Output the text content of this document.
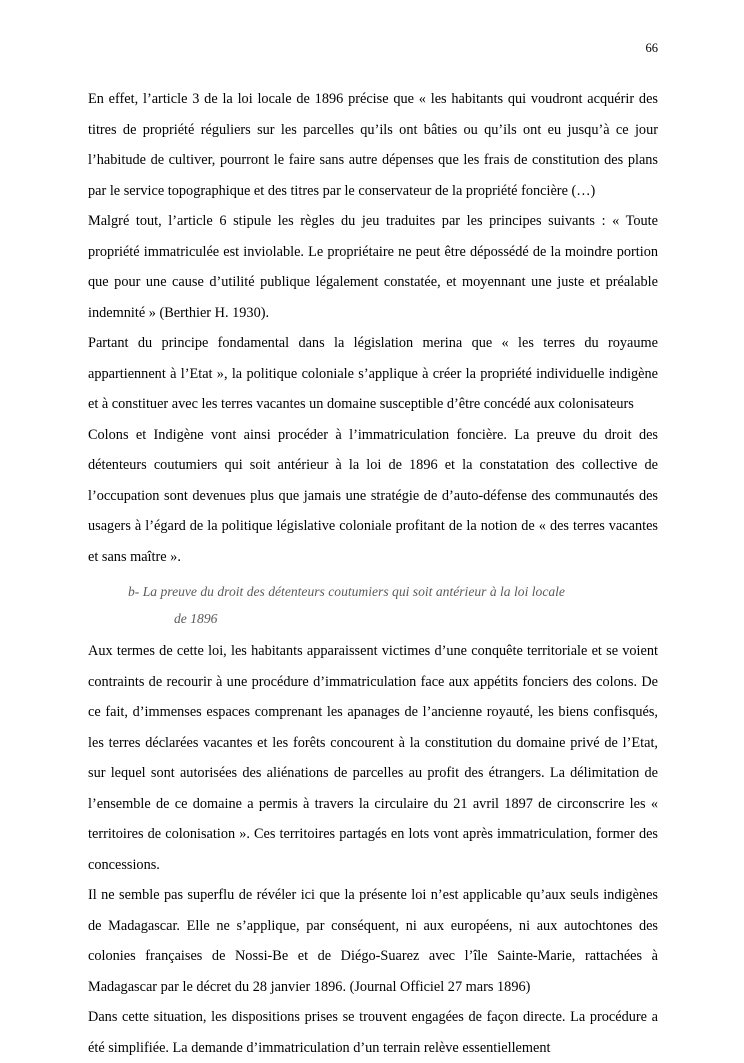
66

En effet, l’article 3 de la loi locale de 1896 précise que « les habitants qui voudront acquérir des titres de propriété réguliers sur les parcelles qu’ils ont bâties ou qu’ils ont eu jusqu’à ce jour l’habitude de cultiver, pourront le faire sans autre dépenses que les frais de constitution des plans par le service topographique et des titres par le conservateur de la propriété foncière (…)

Malgré tout, l’article 6 stipule les règles du jeu traduites par les principes suivants : « Toute propriété immatriculée est inviolable. Le propriétaire ne peut être dépossédé de la moindre portion que pour une cause d’utilité publique légalement constatée, et moyennant une juste et préalable indemnité » (Berthier H. 1930).

Partant du principe fondamental dans la législation merina que « les terres du royaume appartiennent à l’Etat », la politique coloniale s’applique à créer la propriété individuelle indigène et à constituer avec les terres vacantes un domaine susceptible d’être concédé aux colonisateurs

Colons et Indigène vont ainsi procéder à l’immatriculation foncière. La preuve du droit des détenteurs coutumiers qui soit antérieur à la loi de 1896 et la constatation des collective de l’occupation sont devenues plus que jamais une stratégie de d’auto-défense des communautés des usagers à l’égard de la politique législative coloniale profitant de la notion de « des terres vacantes et sans maître ».

b- La preuve du droit des détenteurs coutumiers qui soit antérieur à la loi locale
de 1896

Aux termes de cette loi, les habitants apparaissent victimes d’une conquête territoriale et se voient contraints de recourir à une procédure d’immatriculation face aux appétits fonciers des colons. De ce fait, d’immenses espaces comprenant les apanages de l’ancienne royauté, les biens confisqués, les terres déclarées vacantes et les forêts concourent à la constitution du domaine privé de l’Etat, sur lequel sont autorisées des aliénations de parcelles au profit des étrangers. La délimitation de l’ensemble de ce domaine a permis à travers la circulaire du 21 avril 1897 de circonscrire les « territoires de colonisation ». Ces territoires partagés en lots vont après immatriculation, former des concessions.

Il ne semble pas superflu de révéler ici que la présente loi n’est applicable qu’aux seuls indigènes de Madagascar. Elle ne s’applique, par conséquent, ni aux européens, ni aux autochtones des colonies françaises de Nossi-Be et de Diégo-Suarez avec l’île Sainte-Marie, rattachées à Madagascar par le décret du 28 janvier 1896. (Journal Officiel 27 mars 1896)

Dans cette situation, les dispositions prises se trouvent engagées de façon directe. La procédure a été simplifiée. La demande d’immatriculation d’un terrain relève essentiellement
